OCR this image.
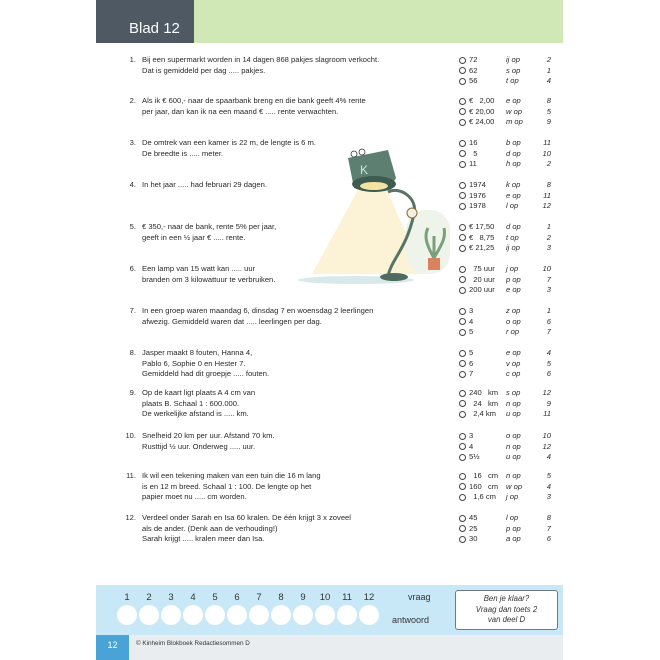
Blad 12
1. Bij een supermarkt worden in 14 dagen 868 pakjes slagroom verkocht.
Dat is gemiddeld per dag ..... pakjes.
72	ij op	2
62	s op	1
56	t op	4
2. Als ik € 600,- naar de spaarbank breng en die bank geeft 4% rente
per jaar, dan kan ik na een maand € ..... rente verwachten.
€   2,00 e op	8
€ 20,00 w op	5
€ 24,00 m op	9
3. De omtrek van een kamer is 22 m, de lengte is 6 m.
De breedte is ..... meter.
16	b op	11
5	d op	10
11	h op	2
4. In het jaar ..... had februari 29 dagen.	1974	k op	8
1976	e op	11
1978	l op	12
5. € 350,- naar de bank, rente 5% per jaar,
geeft in een ½ jaar € ..... rente.
€ 17,50 d op	1
€   8,75 t op	2
€ 21,25 ij op	3
6. Een lamp van 15 watt kan ..... uur
branden om 3 kilowattuur te verbruiken.
75 uur j op	10
20 uur p op	7
200 uur e op	3
7. In een groep waren maandag 6, dinsdag 7 en woensdag 2 leerlingen
afwezig. Gemiddeld waren dat ..... leerlingen per dag.
3	z op	1
4	o op	6
5	r op	7
8. Jasper maakt 8 fouten, Hanna 4,
Pablo 6, Sophie 0 en Hester 7.
Gemiddeld had dit groepje ..... fouten.
5	e op	4
6	v op	5
7	c op	6
9. Op de kaart ligt plaats A 4 cm van
plaats B. Schaal 1 : 600.000.
De werkelijke afstand is ..... km.
240   km s op	12
24   km n op	9
2,4 km u op	11
10. Snelheid 20 km per uur. Afstand 70 km.
Rusttijd ½ uur. Onderweg ..... uur.
3	o op	10
4	n op	12
5½	u op	4
11. Ik wil een tekening maken van een tuin die 16 m lang
is en 12 m breed. Schaal 1 : 100. De lengte op het
papier moet nu ..... cm worden.
16   cm n op	5
160   cm w op	4
1,6 cm j op	3
12. Verdeel onder Sarah en Isa 60 kralen. De één krijgt 3 x zoveel
als de ander. (Denk aan de verhouding!)
Sarah krijgt ..... kralen meer dan Isa.
45	l op	8
25	p op	7
30	a op	6
K
1	2	3	4	5	6	7	8	9	10	11	12	vraag
antwoord
Ben je klaar?
Vraag dan toets 2
van deel D
12	© Kinheim Blokboek Redactiesommen D
